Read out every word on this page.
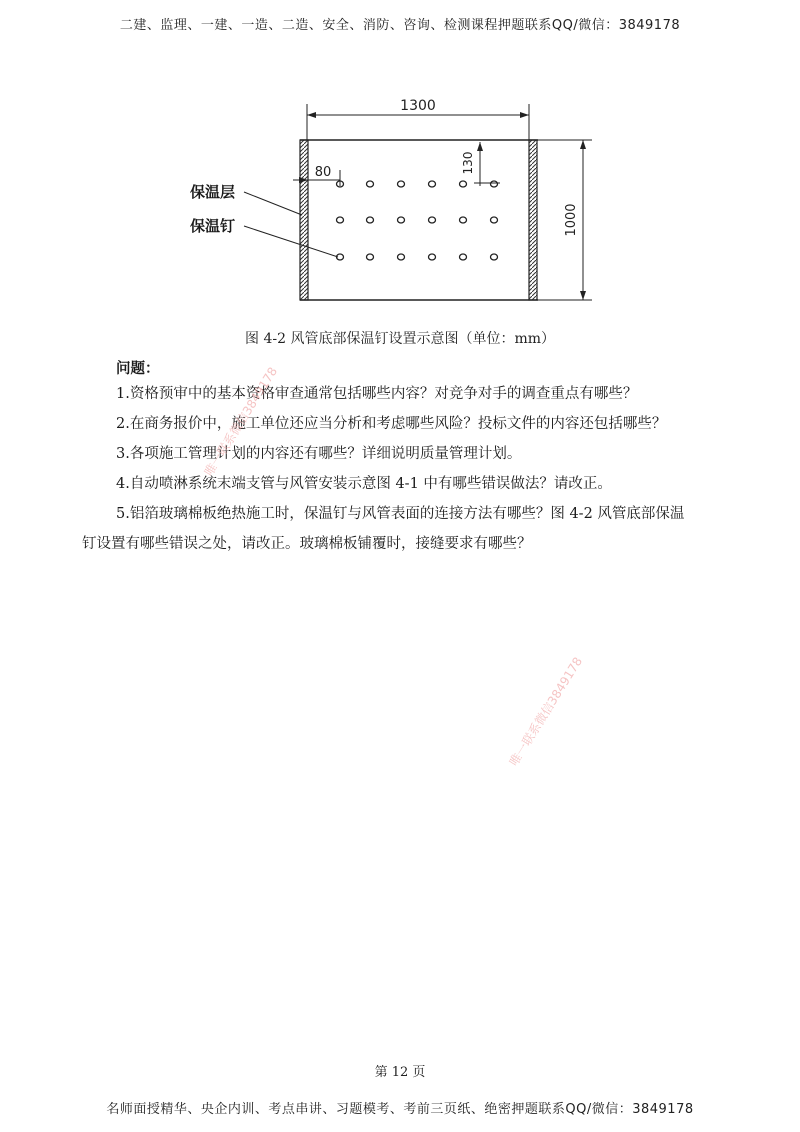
二建、监理、一建、一造、二造、安全、消防、咨询、检测课程押题联系QQ/微信：3849178
1300
1000
80	130
保温层
保温钉
图 4-2 风管底部保温钉设置示意图（单位：mm）
问题：
1.资格预审中的基本资格审查通常包括哪些内容？对竞争对手的调查重点有哪些？
2.在商务报价中，施工单位还应当分析和考虑哪些风险？投标文件的内容还包括哪些？
3.各项施工管理计划的内容还有哪些？详细说明质量管理计划。
4.自动喷淋系统末端支管与风管安装示意图 4-1 中有哪些错误做法？请改正。
5.铝箔玻璃棉板绝热施工时，保温钉与风管表面的连接方法有哪些？图 4-2 风管底部保温
钉设置有哪些错误之处，请改正。玻璃棉板铺覆时，接缝要求有哪些？
唯一联系微信3849178
唯一联系微信3849178
第 12 页
名师面授精华、央企内训、考点串讲、习题模考、考前三页纸、绝密押题联系QQ/微信：3849178
